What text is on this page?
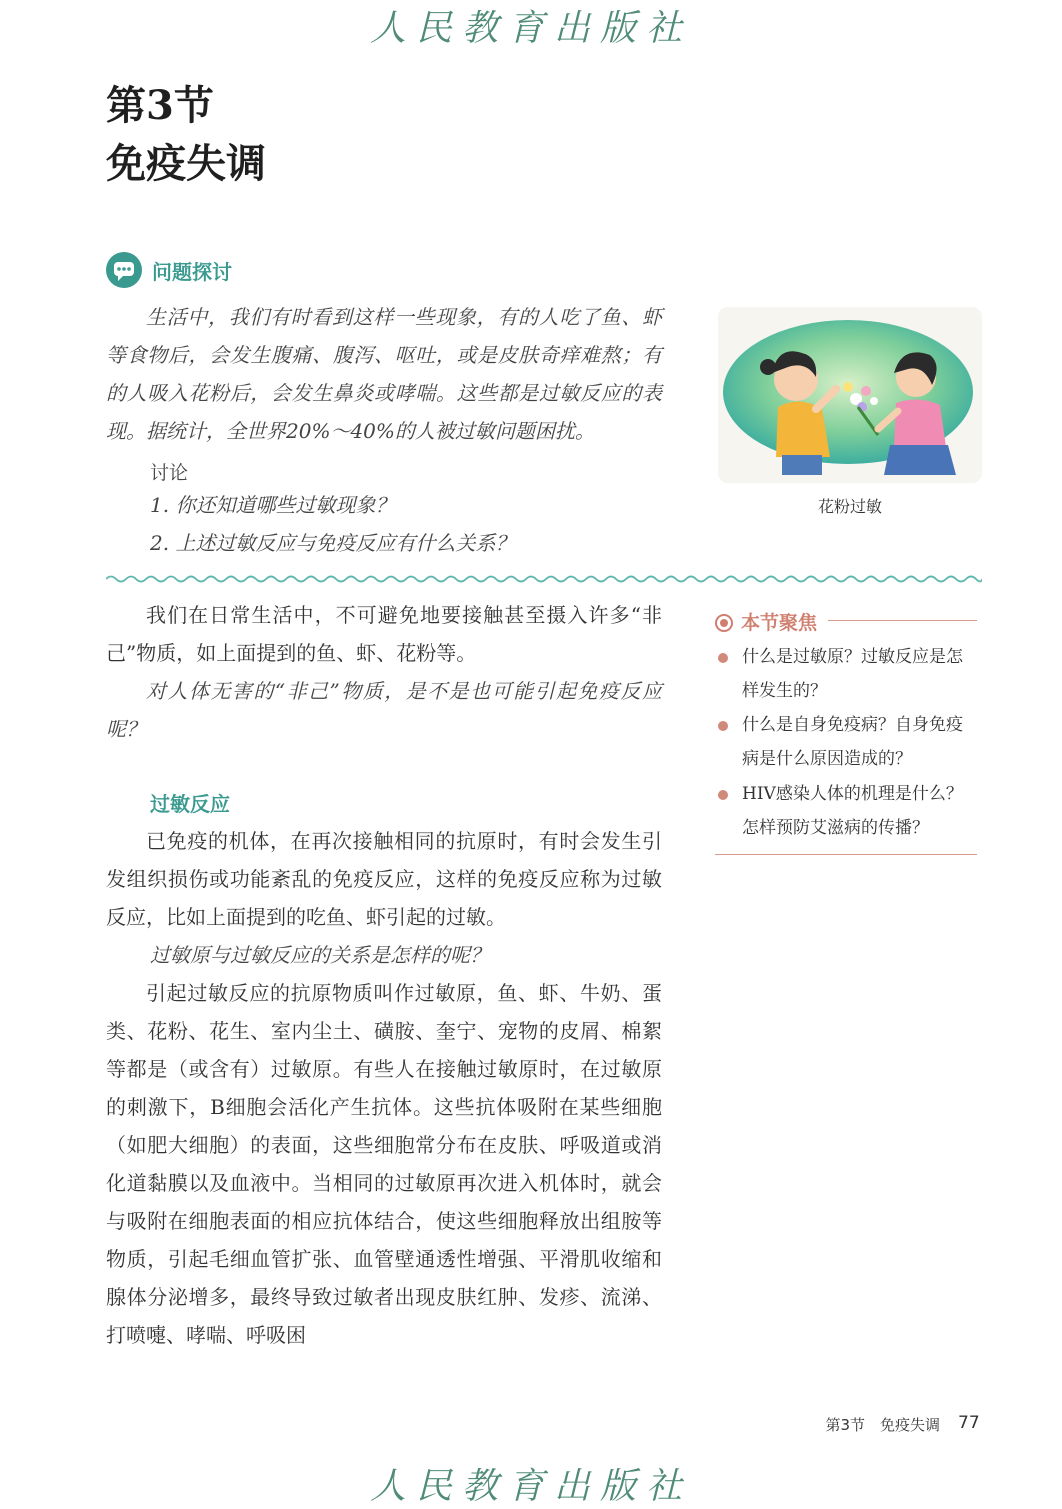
人民教育出版社
人民教育出版社
第3节
免疫失调
问题探讨
生活中，我们有时看到这样一些现象，有的人吃了鱼、虾等食物后，会发生腹痛、腹泻、呕吐，或是皮肤奇痒难熬；有的人吸入花粉后，会发生鼻炎或哮喘。这些都是过敏反应的表现。据统计，全世界20%～40%的人被过敏问题困扰。
讨论
1. 你还知道哪些过敏现象？
2. 上述过敏反应与免疫反应有什么关系？
花粉过敏
我们在日常生活中，不可避免地要接触甚至摄入许多“非己”物质，如上面提到的鱼、虾、花粉等。
对人体无害的“非己”物质，是不是也可能引起免疫反应呢？
本节聚焦
什么是过敏原？过敏反应是怎样发生的？
什么是自身免疫病？自身免疫病是什么原因造成的？
HIV感染人体的机理是什么？怎样预防艾滋病的传播？
过敏反应
已免疫的机体，在再次接触相同的抗原时，有时会发生引发组织损伤或功能紊乱的免疫反应，这样的免疫反应称为过敏反应，比如上面提到的吃鱼、虾引起的过敏。
过敏原与过敏反应的关系是怎样的呢？
引起过敏反应的抗原物质叫作过敏原，鱼、虾、牛奶、蛋类、花粉、花生、室内尘土、磺胺、奎宁、宠物的皮屑、棉絮等都是（或含有）过敏原。有些人在接触过敏原时，在过敏原的刺激下，B细胞会活化产生抗体。这些抗体吸附在某些细胞（如肥大细胞）的表面，这些细胞常分布在皮肤、呼吸道或消化道黏膜以及血液中。当相同的过敏原再次进入机体时，就会与吸附在细胞表面的相应抗体结合，使这些细胞释放出组胺等物质，引起毛细血管扩张、血管壁通透性增强、平滑肌收缩和腺体分泌增多，最终导致过敏者出现皮肤红肿、发疹、流涕、打喷嚏、哮喘、呼吸困
第3节　免疫失调 77
